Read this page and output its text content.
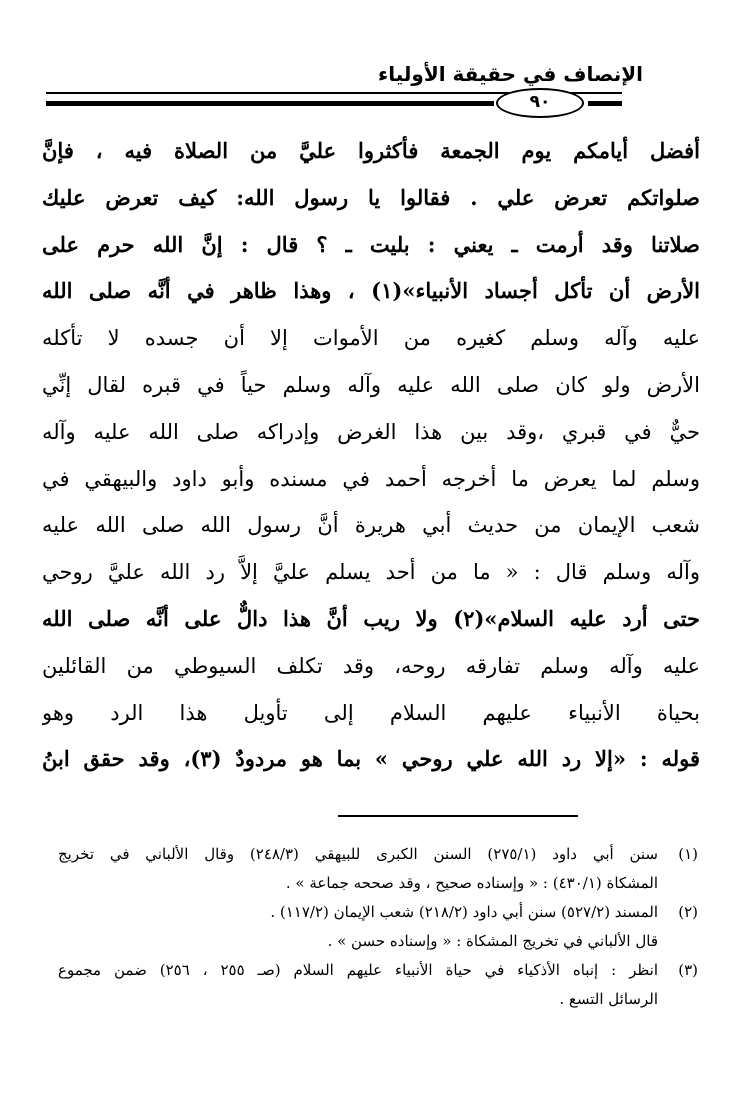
الإنصاف في حقيقة الأولياء
٩٠
أفضل أيامكم يوم الجمعة فأكثروا عليَّ من الصلاة فيه ، فإنَّ
صلواتكم تعرض علي . فقالوا يا رسول الله: كيف تعرض عليك
صلاتنا وقد أرمت ـ يعني : بليت ـ ؟ قال : إنَّ الله حرم على
الأرض أن تأكل أجساد الأنبياء»(١) ، وهذا ظاهر في أنَّه صلى الله
عليه وآله وسلم كغيره من الأموات إلا أن جسده لا تأكله
الأرض ولو كان صلى الله عليه وآله وسلم حياً في قبره لقال إنِّي
حيٌّ في قبري ،وقد بين هذا الغرض وإدراكه صلى الله عليه وآله
وسلم لما يعرض ما أخرجه أحمد في مسنده وأبو داود والبيهقي في
شعب الإيمان من حديث أبي هريرة أنَّ رسول الله صلى الله عليه
وآله وسلم قال : « ما من أحد يسلم عليَّ إلاَّ رد الله عليَّ روحي
حتى أرد عليه السلام»(٢) ولا ريب أنَّ هذا دالٌّ على أنَّه صلى الله
عليه وآله وسلم تفارقه روحه، وقد تكلف السيوطي من القائلين
بحياة الأنبياء عليهم السلام إلى تأويل هذا الرد وهو
قوله : «إلا رد الله علي روحي » بما هو مردودٌ (٣)، وقد حقق ابنُ
(١)
سنن أبي داود (٢٧٥/١) السنن الكبرى للبيهقي (٢٤٨/٣) وقال الألباني في تخريج
المشكاة (٤٣٠/١) : « وإسناده صحيح ، وقد صححه جماعة » .
(٢)
المسند (٥٢٧/٢) سنن أبي داود (٢١٨/٢) شعب الإيمان (١١٧/٢) .
قال الألباني في تخريج المشكاة : « وإسناده حسن » .
(٣)
انظر : إنباه الأذكياء في حياة الأنبياء عليهم السلام (صـ ٢٥٥ ، ٢٥٦) ضمن مجموع
الرسائل التسع .
